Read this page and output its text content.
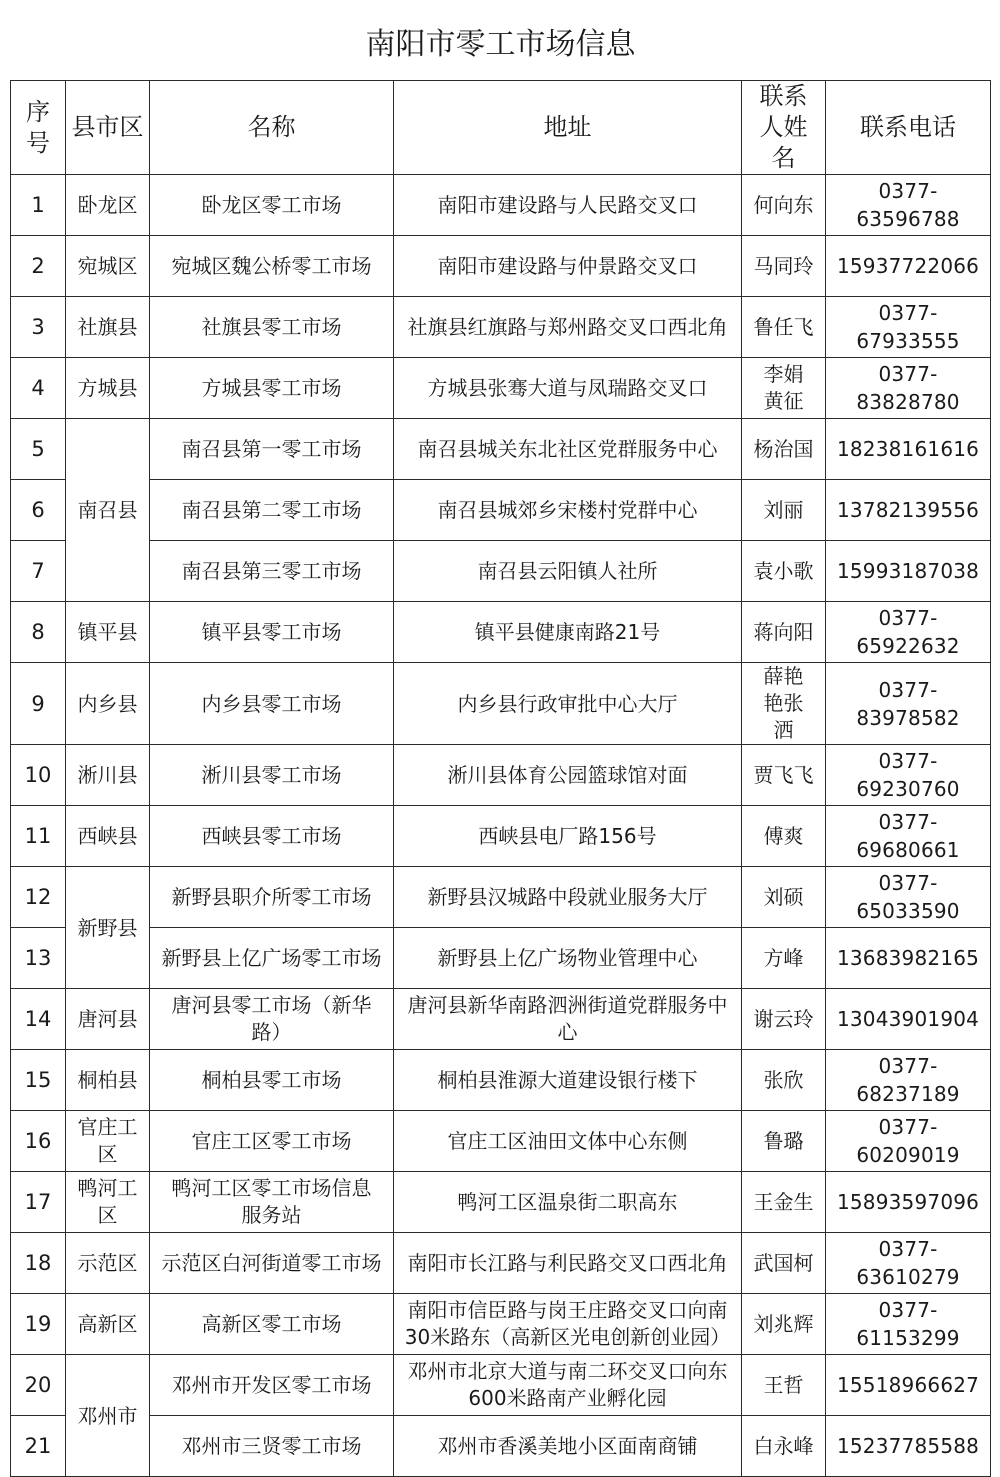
南阳市零工市场信息					
序号	县市区	名称	地址	联系人姓名	联系电话
1	卧龙区	卧龙区零工市场	南阳市建设路与人民路交叉口	何向东	0377-63596788
2	宛城区	宛城区魏公桥零工市场	南阳市建设路与仲景路交叉口	马同玲	15937722066
3	社旗县	社旗县零工市场	社旗县红旗路与郑州路交叉口西北角	鲁任飞	0377-67933555
4	方城县	方城县零工市场	方城县张骞大道与凤瑞路交叉口	李娟黄征	0377-83828780
5	南召县	南召县第一零工市场	南召县城关东北社区党群服务中心	杨治国	18238161616
6		南召县第二零工市场	南召县城郊乡宋楼村党群中心	刘丽	13782139556
7		南召县第三零工市场	南召县云阳镇人社所	袁小歌	15993187038
8	镇平县	镇平县零工市场	镇平县健康南路21号	蒋向阳	0377-65922632
9	内乡县	内乡县零工市场	内乡县行政审批中心大厅	薛艳艳张洒	0377-83978582
10	淅川县	淅川县零工市场	淅川县体育公园篮球馆对面	贾飞飞	0377-69230760
11	西峡县	西峡县零工市场	西峡县电厂路156号	傅爽	0377-69680661
12	新野县	新野县职介所零工市场	新野县汉城路中段就业服务大厅	刘硕	0377-65033590
13		新野县上亿广场零工市场	新野县上亿广场物业管理中心	方峰	13683982165
14	唐河县	唐河县零工市场（新华路）	唐河县新华南路泗洲街道党群服务中心	谢云玲	13043901904
15	桐柏县	桐柏县零工市场	桐柏县淮源大道建设银行楼下	张欣	0377-68237189
16	官庄工区	官庄工区零工市场	官庄工区油田文体中心东侧	鲁璐	0377-60209019
17	鸭河工区	鸭河工区零工市场信息服务站	鸭河工区温泉街二职高东	王金生	15893597096
18	示范区	示范区白河街道零工市场	南阳市长江路与利民路交叉口西北角	武国柯	0377-63610279
19	高新区	高新区零工市场	南阳市信臣路与岗王庄路交叉口向南30米路东（高新区光电创新创业园）	刘兆辉	0377-61153299
20	邓州市	邓州市开发区零工市场	邓州市北京大道与南二环交叉口向东600米路南产业孵化园	王哲	15518966627
21		邓州市三贤零工市场	邓州市香溪美地小区面南商铺	白永峰	15237785588
